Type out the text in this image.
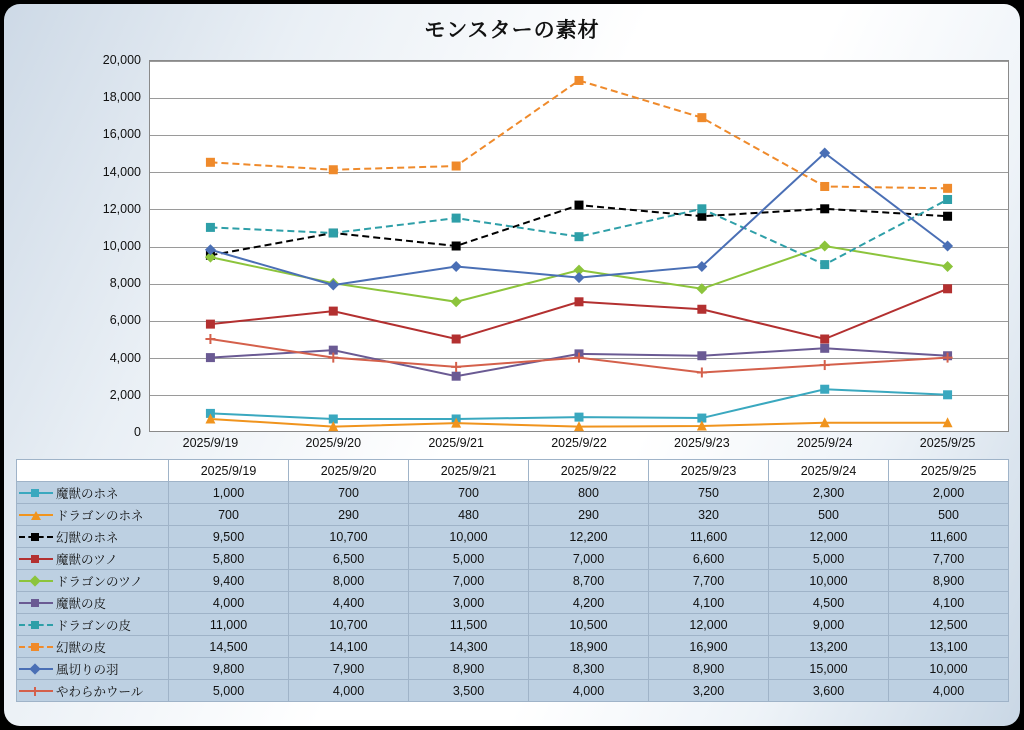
モンスターの素材
0
2,000
4,000
6,000
8,000
10,000
12,000
14,000
16,000
18,000
20,000
2025/9/19	2025/9/20	2025/9/21	2025/9/22	2025/9/23	2025/9/24	2025/9/25
	2025/9/19	2025/9/20	2025/9/21	2025/9/22	2025/9/23	2025/9/24	2025/9/25

魔獣のホネ	1,000	700	700	800	750	2,300	2,000

ドラゴンのホネ	700	290	480	290	320	500	500

幻獣のホネ	9,500	10,700	10,000	12,200	11,600	12,000	11,600

魔獣のツノ	5,800	6,500	5,000	7,000	6,600	5,000	7,700

ドラゴンのツノ	9,400	8,000	7,000	8,700	7,700	10,000	8,900

魔獣の皮	4,000	4,400	3,000	4,200	4,100	4,500	4,100

ドラゴンの皮	11,000	10,700	11,500	10,500	12,000	9,000	12,500

幻獣の皮	14,500	14,100	14,300	18,900	16,900	13,200	13,100

風切りの羽	9,800	7,900	8,900	8,300	8,900	15,000	10,000

やわらかウール	5,000	4,000	3,500	4,000	3,200	3,600	4,000
